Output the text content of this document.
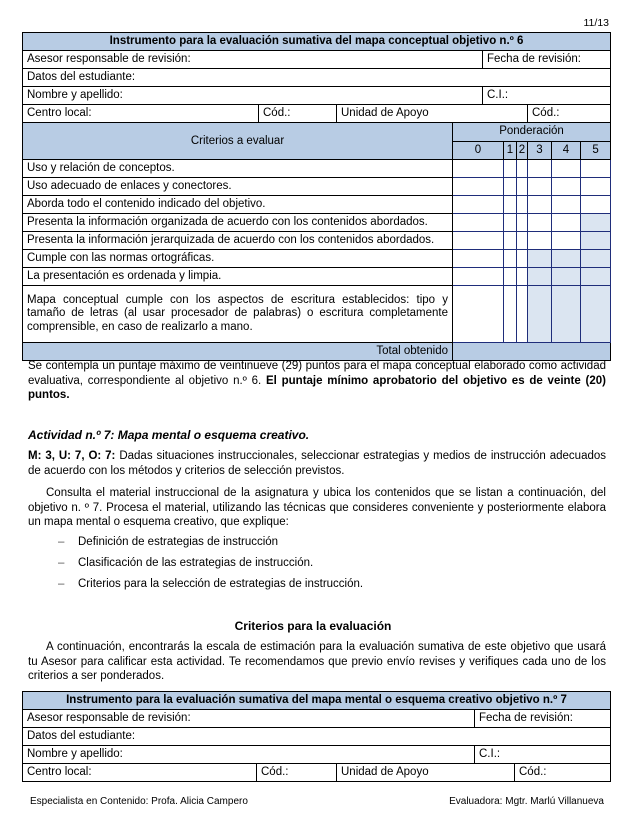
11/13
Instrumento para la evaluación sumativa del mapa conceptual objetivo n.º 6									
Asesor responsable de revisión:				Fecha de revisión:					
Datos del estudiante:									
Nombre y apellido:				C.I.:					
Centro local:	Cód.:	Unidad de Apoyo					Cód.:		
Criterios a evaluar			Ponderación						
			0		1	2	3	4	5
Uso y relación de conceptos.									
Uso adecuado de enlaces y conectores.									
Aborda todo el contenido indicado del objetivo.									
Presenta la información organizada de acuerdo con los contenidos abordados.									
Presenta la información jerarquizada de acuerdo con los contenidos abordados.									
Cumple con las normas ortográficas.									
La presentación es ordenada y limpia.									
Mapa conceptual cumple con los aspectos de escritura establecidos: tipo y tamaño de letras (al usar procesador de palabras) o escritura completamente comprensible, en caso de realizarlo a mano.									
Total obtenido									
Se contempla un puntaje máximo de veintinueve (29) puntos para el mapa conceptual elaborado como actividad evaluativa, correspondiente al objetivo n.º 6. El puntaje mínimo aprobatorio del objetivo es de veinte (20) puntos.
Actividad n.º 7: Mapa mental o esquema creativo.
M: 3, U: 7, O: 7: Dadas situaciones instruccionales, seleccionar estrategias y medios de instrucción adecuados de acuerdo con los métodos y criterios de selección previstos.
Consulta el material instruccional de la asignatura y ubica los contenidos que se listan a continuación, del objetivo n. º 7. Procesa el material, utilizando las técnicas que consideres conveniente y posteriormente elabora un mapa mental o esquema creativo, que explique:
– Definición de estrategias de instrucción
– Clasificación de las estrategias de instrucción.
– Criterios para la selección de estrategias de instrucción.
Criterios para la evaluación
A continuación, encontrarás la escala de estimación para la evaluación sumativa de este objetivo que usará tu Asesor para calificar esta actividad. Te recomendamos que previo envío revises y verifiques cada uno de los criterios a ser ponderados.
Instrumento para la evaluación sumativa del mapa mental o esquema creativo objetivo n.º 7				
Asesor responsable de revisión:			Fecha de revisión:	
Datos del estudiante:				
Nombre y apellido:			C.I.:	
Centro local:	Cód.:	Unidad de Apoyo		Cód.:
Especialista en Contenido: Profa. Alicia Campero	Evaluadora: Mgtr. Marlú Villanueva
